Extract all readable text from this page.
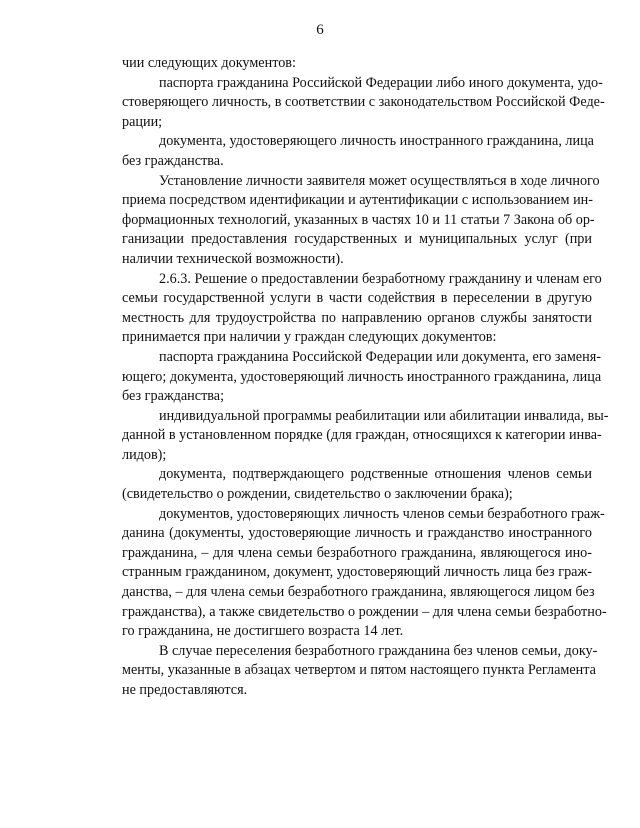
6
чии следующих документов:
паспорта гражданина Российской Федерации либо иного документа, удо-
стоверяющего личность, в соответствии с законодательством Российской Феде-
рации;
документа, удостоверяющего личность иностранного гражданина, лица
без гражданства.
Установление личности заявителя может осуществляться в ходе личного
приема посредством идентификации и аутентификации с использованием ин-
формационных технологий, указанных в частях 10 и 11 статьи 7 Закона об ор-
ганизации предоставления государственных и муниципальных услуг (при
наличии технической возможности).
2.6.3. Решение о предоставлении безработному гражданину и членам его
семьи государственной услуги в части содействия в переселении в другую
местность для трудоустройства по направлению органов службы занятости
принимается при наличии у граждан следующих документов:
паспорта гражданина Российской Федерации или документа, его заменя-
ющего; документа, удостоверяющий личность иностранного гражданина, лица
без гражданства;
индивидуальной программы реабилитации или абилитации инвалида, вы-
данной в установленном порядке (для граждан, относящихся к категории инва-
лидов);
документа, подтверждающего родственные отношения членов семьи
(свидетельство о рождении, свидетельство о заключении брака);
документов, удостоверяющих личность членов семьи безработного граж-
данина (документы, удостоверяющие личность и гражданство иностранного
гражданина, – для члена семьи безработного гражданина, являющегося ино-
странным гражданином, документ, удостоверяющий личность лица без граж-
данства, – для члена семьи безработного гражданина, являющегося лицом без
гражданства), а также свидетельство о рождении – для члена семьи безработно-
го гражданина, не достигшего возраста 14 лет.
В случае переселения безработного гражданина без членов семьи, доку-
менты, указанные в абзацах четвертом и пятом настоящего пункта Регламента
не предоставляются.
